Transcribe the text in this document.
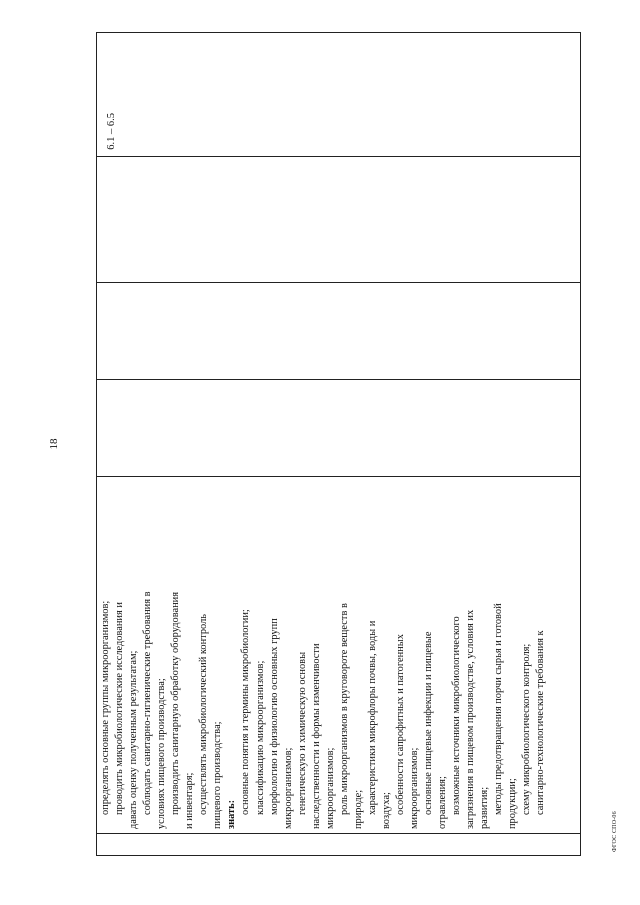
18
определять основные группы микроорганизмов; проводить микробиологические исследования и давать оценку полученным результатам; соблюдать санитарно-гигиенические требования в условиях пищевого производства; производить санитарную обработку оборудования и инвентаря; осуществлять микробиологический контроль пищевого производства; знать: основные понятия и термины микробиологии; классификацию микроорганизмов; морфологию и физиологию основных групп микроорганизмов; генетическую и химическую основы наследственности и формы изменчивости микроорганизмов; роль микроорганизмов в круговороте веществ в природе; характеристики микрофлоры почвы, воды и воздуха; особенности сапрофитных и патогенных микроорганизмов; основные пищевые инфекции и пищевые отравления; возможные источники микробиологического загрязнения в пищевом производстве, условия их развития; методы предотвращения порчи сырья и готовой продукции; схему микробиологического контроля; санитарно-технологические требования к
6.1 – 6.5
ФГОС СПО-06
